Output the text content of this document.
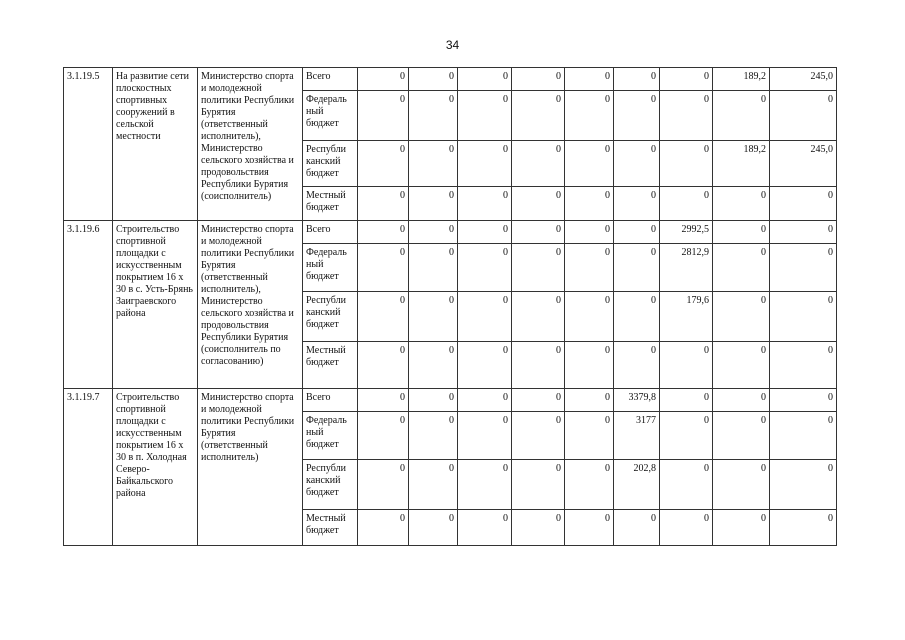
34
3.1.19.5	На развитие сети плоскостных спортивных сооружений в сельской местности	Министерство спорта и молодежной политики Республики Бурятия (ответственный исполнитель), Министерство сельского хозяйства и продовольствия Республики Бурятия (соисполнитель)	Всего	0	0	0	0	0	0	0	189,2	245,0
			Федераль ный бюджет	0	0	0	0	0	0	0	0	0
			Республи канский бюджет	0	0	0	0	0	0	0	189,2	245,0
			Местный бюджет	0	0	0	0	0	0	0	0	0
3.1.19.6	Строительство спортивной площадки с искусственным покрытием 16 х 30 в с. Усть-Брянь Заиграевского района	Министерство спорта и молодежной политики Республики Бурятия (ответственный исполнитель), Министерство сельского хозяйства и продовольствия Республики Бурятия (соисполнитель по согласованию)	Всего	0	0	0	0	0	0	2992,5	0	0
			Федераль ный бюджет	0	0	0	0	0	0	2812,9	0	0
			Республи канский бюджет	0	0	0	0	0	0	179,6	0	0
			Местный бюджет	0	0	0	0	0	0	0	0	0
3.1.19.7	Строительство спортивной площадки с искусственным покрытием 16 х 30 в п. Холодная Северо-Байкальского района	Министерство спорта и молодежной политики Республики Бурятия (ответственный исполнитель)	Всего	0	0	0	0	0	3379,8	0	0	0
			Федераль ный бюджет	0	0	0	0	0	3177	0	0	0
			Республи канский бюджет	0	0	0	0	0	202,8	0	0	0
			Местный бюджет	0	0	0	0	0	0	0	0	0
